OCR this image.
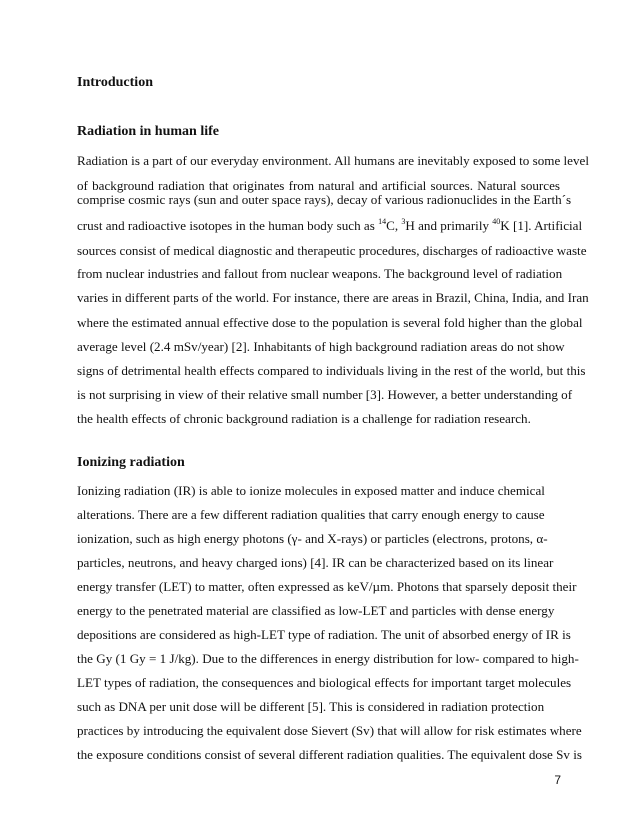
Introduction
Radiation in human life

Radiation is a part of our everyday environment. All humans are inevitably exposed to some level

of background radiation that originates from natural and artificial sources. Natural sources

comprise cosmic rays (sun and outer space rays), decay of various radionuclides in the Earth´s

crust and radioactive isotopes in the human body such as $^{14}$C, $^3$H and primarily $^{40}$K [1]. Artificial

sources consist of medical diagnostic and therapeutic procedures, discharges of radioactive waste

from nuclear industries and fallout from nuclear weapons. The background level of radiation

varies in different parts of the world. For instance, there are areas in Brazil, China, India, and Iran

where the estimated annual effective dose to the population is several fold higher than the global

average level (2.4 mSv/year) [2]. Inhabitants of high background radiation areas do not show

signs of detrimental health effects compared to individuals living in the rest of the world, but this

is not surprising in view of their relative small number [3]. However, a better understanding of

the health effects of chronic background radiation is a challenge for radiation research.

Ionizing radiation

Ionizing radiation (IR) is able to ionize molecules in exposed matter and induce chemical

alterations. There are a few different radiation qualities that carry enough energy to cause

ionization, such as high energy photons (γ- and X-rays) or particles (electrons, protons, α-

particles, neutrons, and heavy charged ions) [4]. IR can be characterized based on its linear

energy transfer (LET) to matter, often expressed as keV/µm. Photons that sparsely deposit their

energy to the penetrated material are classified as low-LET and particles with dense energy

depositions are considered as high-LET type of radiation. The unit of absorbed energy of IR is

the Gy (1 Gy = 1 J/kg). Due to the differences in energy distribution for low- compared to high-

LET types of radiation, the consequences and biological effects for important target molecules

such as DNA per unit dose will be different [5]. This is considered in radiation protection

practices by introducing the equivalent dose Sievert (Sv) that will allow for risk estimates where

the exposure conditions consist of several different radiation qualities. The equivalent dose Sv is

7
